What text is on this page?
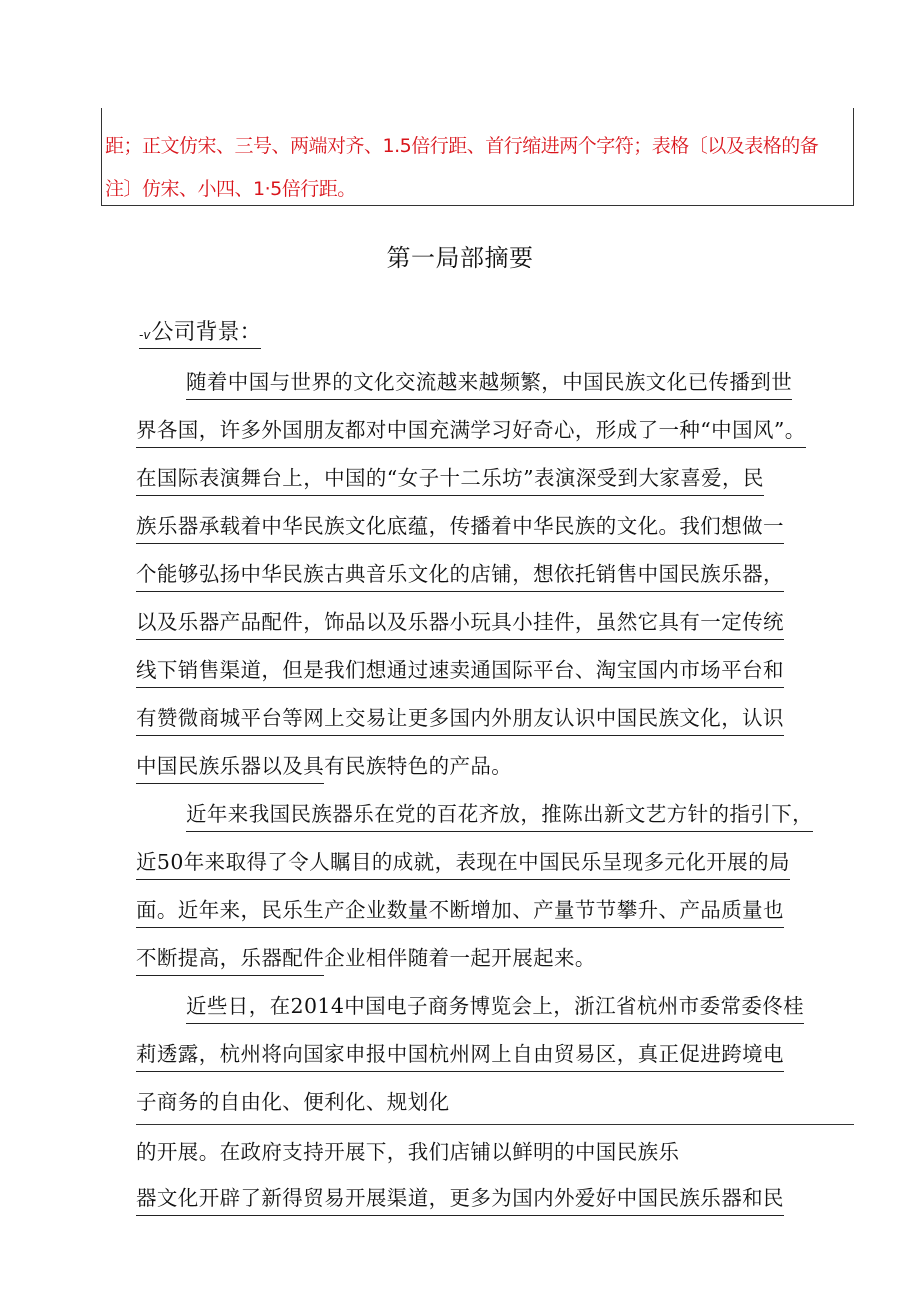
距；正文仿宋、三号、两端对齐、1.5倍行距、首行缩进两个字符；表格〔以及表格的备
注〕仿宋、小四、1·5倍行距。
第一局部摘要
-v公司背景：
随着中国与世界的文化交流越来越频繁，中国民族文化已传播到世
界各国，许多外国朋友都对中国充满学习好奇心，形成了一种“中国风”。
在国际表演舞台上，中国的“女子十二乐坊”表演深受到大家喜爱，民
族乐器承载着中华民族文化底蕴，传播着中华民族的文化。我们想做一
个能够弘扬中华民族古典音乐文化的店铺，想依托销售中国民族乐器，
以及乐器产品配件，饰品以及乐器小玩具小挂件，虽然它具有一定传统
线下销售渠道，但是我们想通过速卖通国际平台、淘宝国内市场平台和
有赞微商城平台等网上交易让更多国内外朋友认识中国民族文化，认识
中国民族乐器以及具有民族特色的产品。
近年来我国民族器乐在党的百花齐放，推陈出新文艺方针的指引下，
近50年来取得了令人瞩目的成就，表现在中国民乐呈现多元化开展的局
面。近年来，民乐生产企业数量不断增加、产量节节攀升、产品质量也
不断提高，乐器配件企业相伴随着一起开展起来。
近些日，在2014中国电子商务博览会上，浙江省杭州市委常委佟桂
莉透露，杭州将向国家申报中国杭州网上自由贸易区，真正促进跨境电
子商务的自由化、便利化、规划化
的开展。在政府支持开展下，我们店铺以鲜明的中国民族乐
器文化开辟了新得贸易开展渠道，更多为国内外爱好中国民族乐器和民
